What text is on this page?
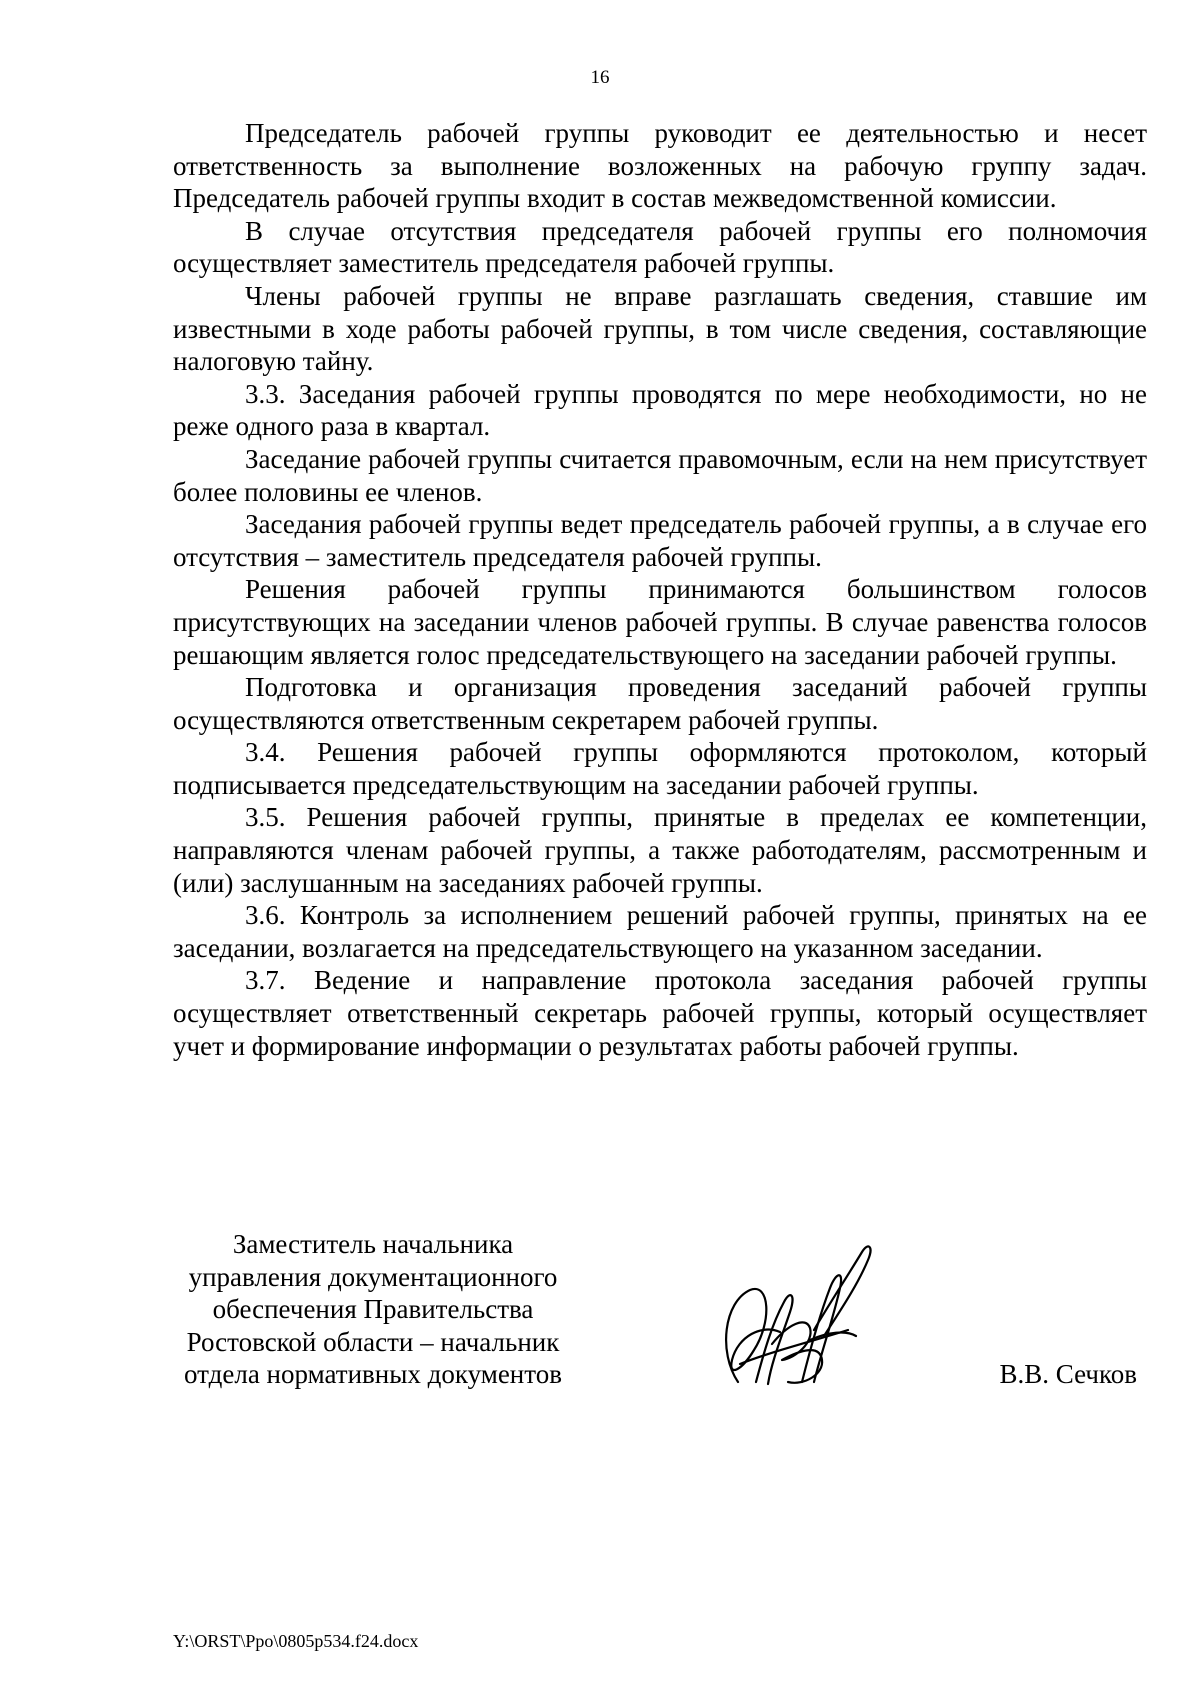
16

Председатель рабочей группы руководит ее деятельностью и несет ответственность за выполнение возложенных на рабочую группу задач. Председатель рабочей группы входит в состав межведомственной комиссии.

В случае отсутствия председателя рабочей группы его полномочия осуществляет заместитель председателя рабочей группы.

Члены рабочей группы не вправе разглашать сведения, ставшие им известными в ходе работы рабочей группы, в том числе сведения, составляющие налоговую тайну.

3.3. Заседания рабочей группы проводятся по мере необходимости, но не реже одного раза в квартал.

Заседание рабочей группы считается правомочным, если на нем присутствует более половины ее членов.

Заседания рабочей группы ведет председатель рабочей группы, а в случае его отсутствия – заместитель председателя рабочей группы.

Решения рабочей группы принимаются большинством голосов присутствующих на заседании членов рабочей группы. В случае равенства голосов решающим является голос председательствующего на заседании рабочей группы.

Подготовка и организация проведения заседаний рабочей группы осуществляются ответственным секретарем рабочей группы.

3.4. Решения рабочей группы оформляются протоколом, который подписывается председательствующим на заседании рабочей группы.

3.5. Решения рабочей группы, принятые в пределах ее компетенции, направляются членам рабочей группы, а также работодателям, рассмотренным и (или) заслушанным на заседаниях рабочей группы.

3.6. Контроль за исполнением решений рабочей группы, принятых на ее заседании, возлагается на председательствующего на указанном заседании.

3.7. Ведение и направление протокола заседания рабочей группы осуществляет ответственный секретарь рабочей группы, который осуществляет учет и формирование информации о результатах работы рабочей группы.

Заместитель начальника
управления документационного
обеспечения Правительства
Ростовской области – начальник
отдела нормативных документов	В.В. Сечков
Y:\ORST\Ppo\0805p534.f24.docx
